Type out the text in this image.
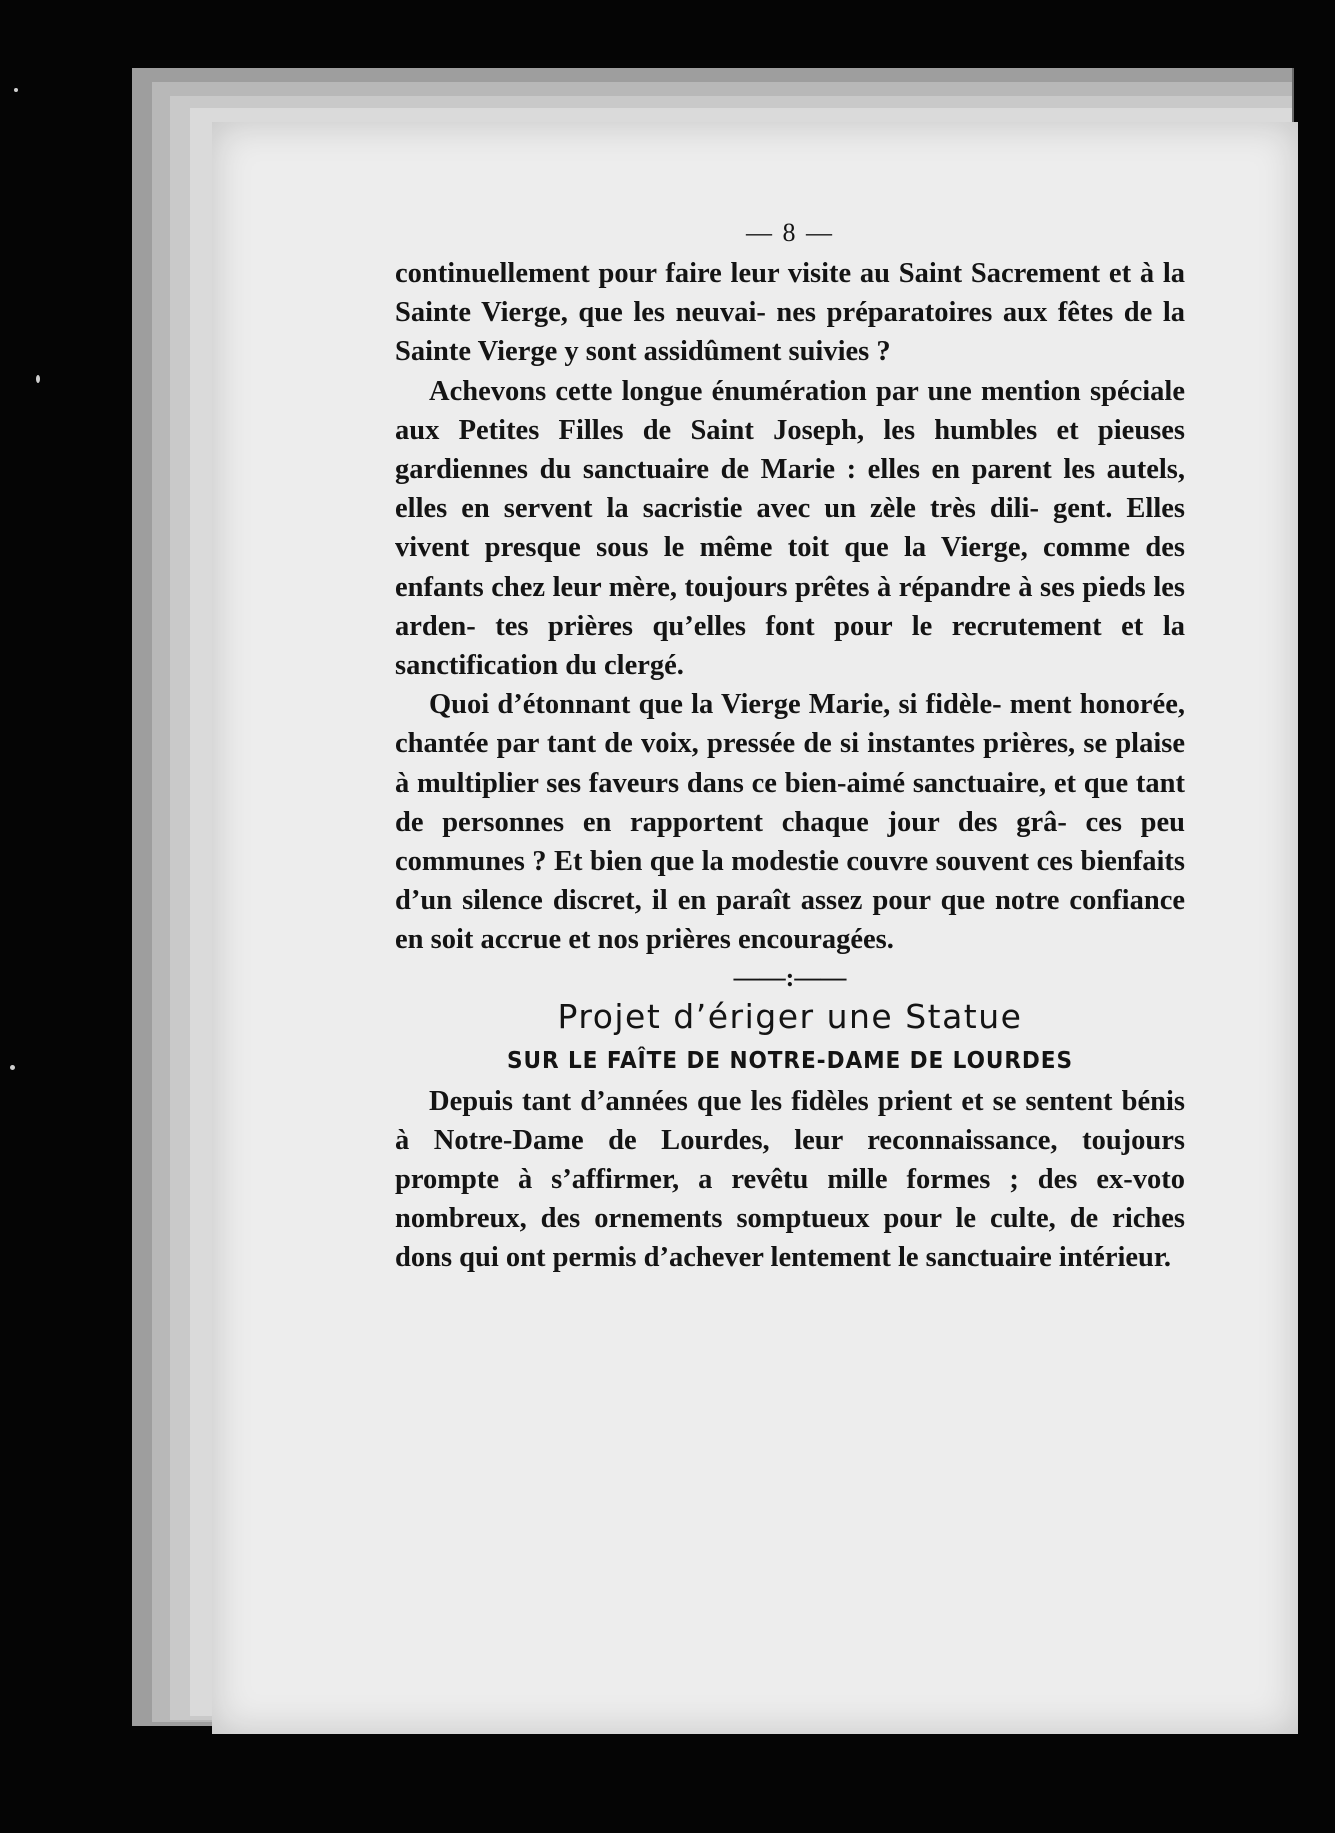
— 8 —

continuellement pour faire leur visite au Saint Sacrement et à la Sainte Vierge, que les neuvai- nes préparatoires aux fêtes de la Sainte Vierge y sont assidûment suivies ?

Achevons cette longue énumération par une mention spéciale aux Petites Filles de Saint Joseph, les humbles et pieuses gardiennes du sanctuaire de Marie : elles en parent les autels, elles en servent la sacristie avec un zèle très dili- gent. Elles vivent presque sous le même toit que la Vierge, comme des enfants chez leur mère, toujours prêtes à répandre à ses pieds les arden- tes prières qu’elles font pour le recrutement et la sanctification du clergé.

Quoi d’étonnant que la Vierge Marie, si fidèle- ment honorée, chantée par tant de voix, pressée de si instantes prières, se plaise à multiplier ses faveurs dans ce bien-aimé sanctuaire, et que tant de personnes en rapportent chaque jour des grâ- ces peu communes ? Et bien que la modestie couvre souvent ces bienfaits d’un silence discret, il en paraît assez pour que notre confiance en soit accrue et nos prières encouragées.

——:——
Projet d’ériger une Statue
SUR LE FAÎTE DE NOTRE-DAME DE LOURDES

Depuis tant d’années que les fidèles prient et se sentent bénis à Notre-Dame de Lourdes, leur reconnaissance, toujours prompte à s’affirmer, a revêtu mille formes ; des ex-voto nombreux, des ornements somptueux pour le culte, de riches dons qui ont permis d’achever lentement le sanctuaire intérieur.
